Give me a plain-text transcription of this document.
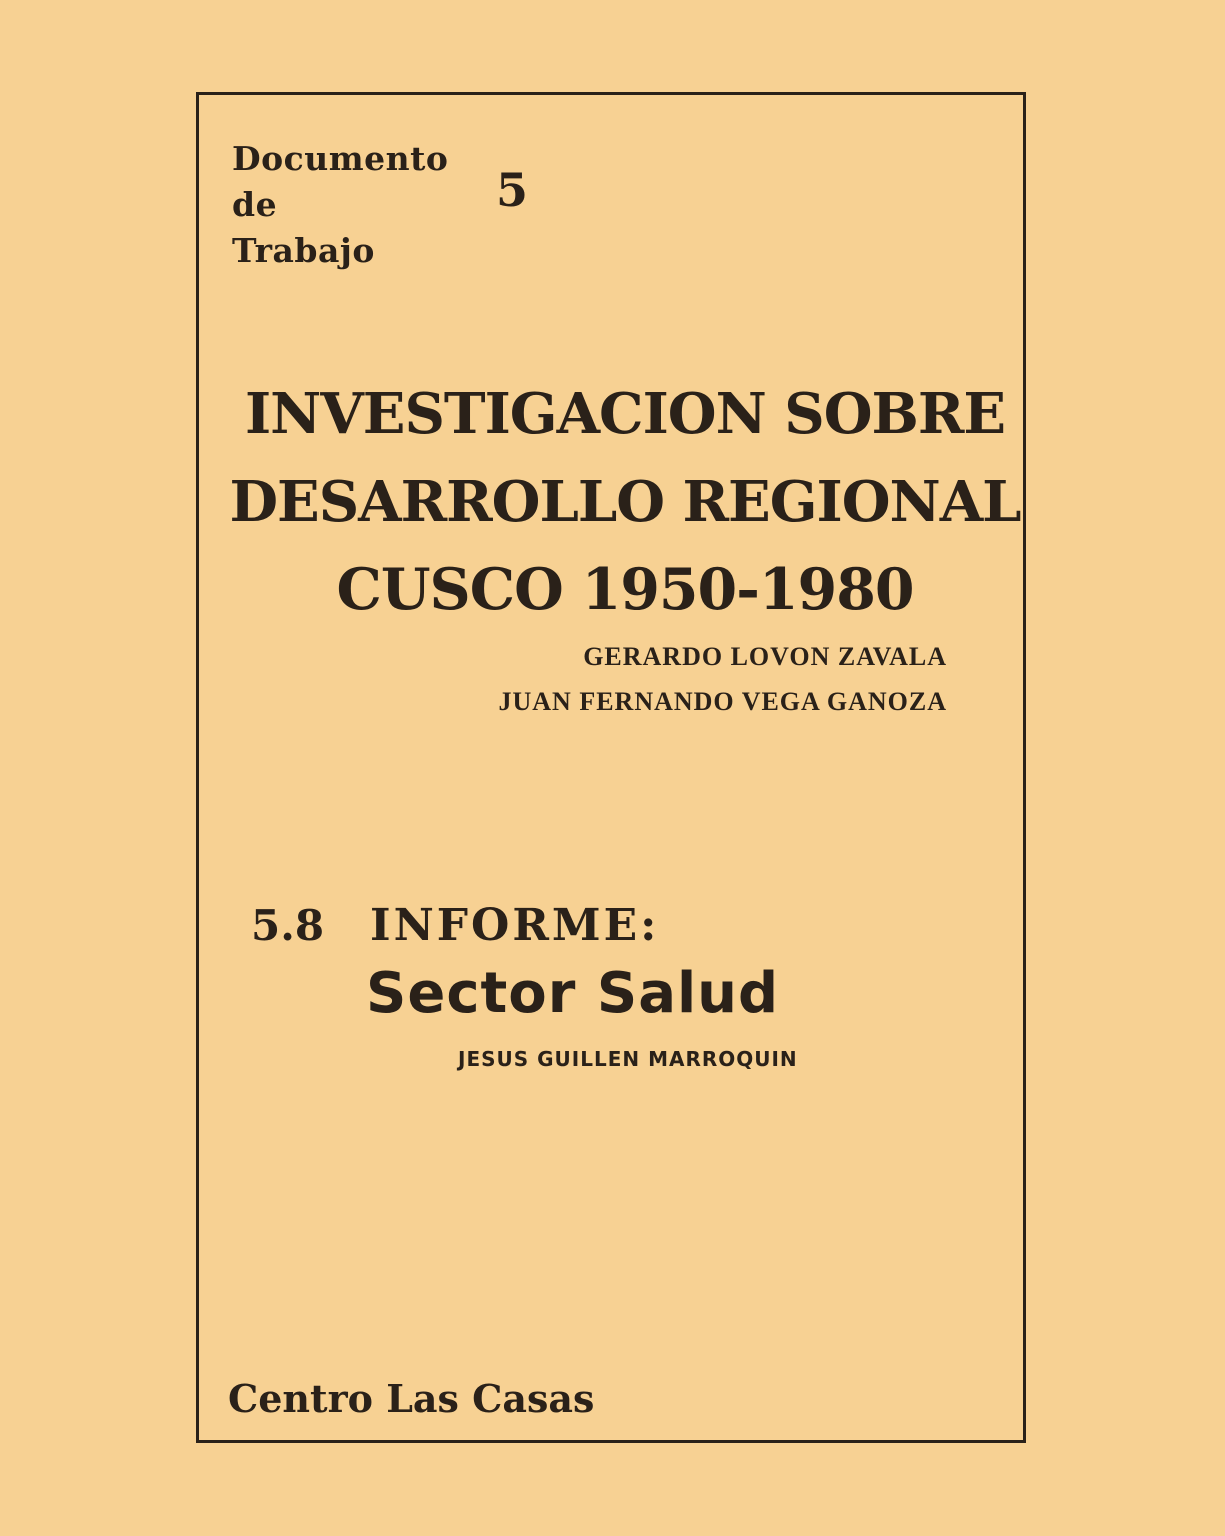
Documento
de
Trabajo
5
INVESTIGACION SOBRE
DESARROLLO REGIONAL
CUSCO 1950-1980
GERARDO LOVON ZAVALA
JUAN FERNANDO VEGA GANOZA
5.8 INFORME:
Sector Salud
JESUS GUILLEN MARROQUIN
Centro Las Casas
